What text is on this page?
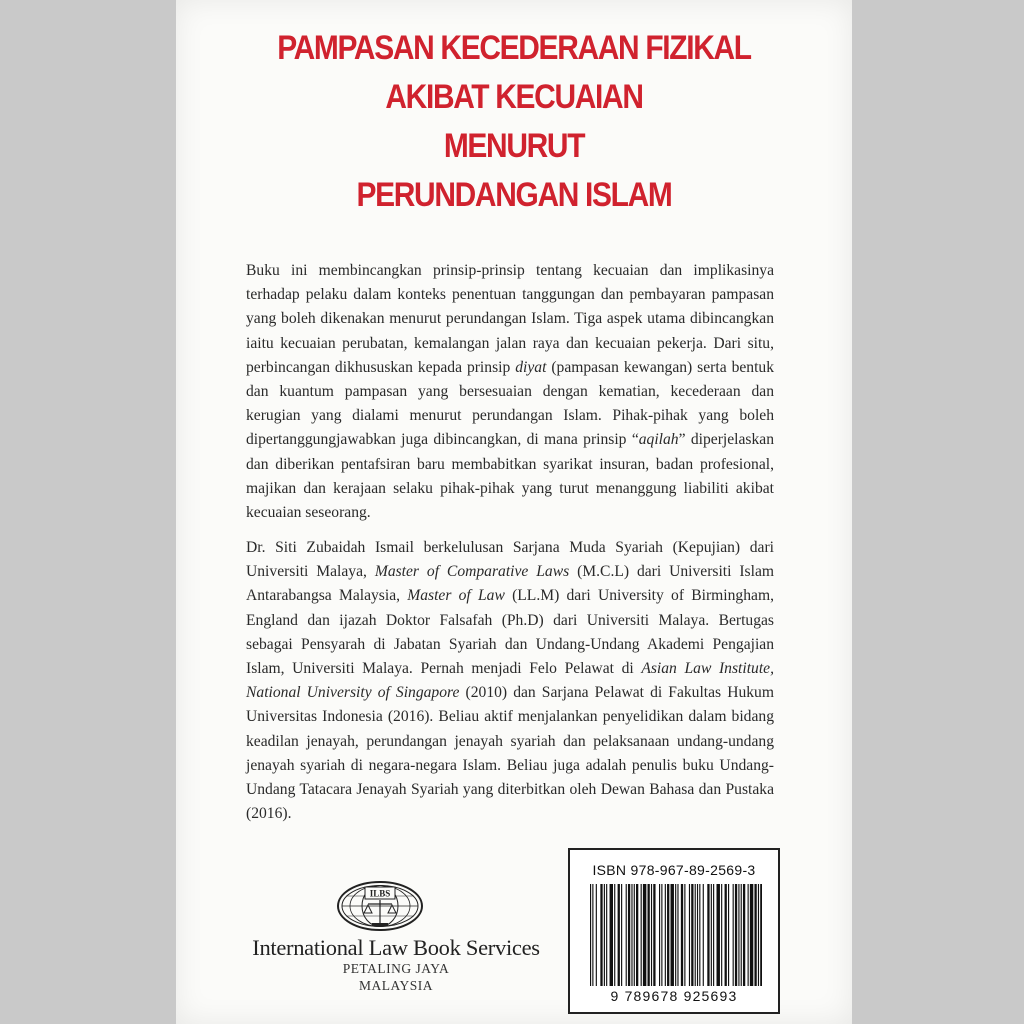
PAMPASAN KECEDERAAN FIZIKAL
AKIBAT KECUAIAN
MENURUT
PERUNDANGAN ISLAM

Buku ini membincangkan prinsip-prinsip tentang kecuaian dan implikasinya terhadap pelaku dalam konteks penentuan tanggungan dan pembayaran pampasan yang boleh dikenakan menurut perundangan Islam. Tiga aspek utama dibincangkan iaitu kecuaian perubatan, kemalangan jalan raya dan kecuaian pekerja. Dari situ, perbincangan dikhususkan kepada prinsip diyat (pampasan kewangan) serta bentuk dan kuantum pampasan yang bersesuaian dengan kematian, kecederaan dan kerugian yang dialami menurut perundangan Islam. Pihak-pihak yang boleh dipertanggungjawabkan juga dibincangkan, di mana prinsip “aqilah” diperjelaskan dan diberikan pentafsiran baru membabitkan syarikat insuran, badan profesional, majikan dan kerajaan selaku pihak-pihak yang turut menanggung liabiliti akibat kecuaian seseorang.

Dr. Siti Zubaidah Ismail berkelulusan Sarjana Muda Syariah (Kepujian) dari Universiti Malaya, Master of Comparative Laws (M.C.L) dari Universiti Islam Antarabangsa Malaysia, Master of Law (LL.M) dari University of Birmingham, England dan ijazah Doktor Falsafah (Ph.D) dari Universiti Malaya. Bertugas sebagai Pensyarah di Jabatan Syariah dan Undang-Undang Akademi Pengajian Islam, Universiti Malaya. Pernah menjadi Felo Pelawat di Asian Law Institute, National University of Singapore (2010) dan Sarjana Pelawat di Fakultas Hukum Universitas Indonesia (2016). Beliau aktif menjalankan penyelidikan dalam bidang keadilan jenayah, perundangan jenayah syariah dan pelaksanaan undang-undang jenayah syariah di negara-negara Islam. Beliau juga adalah penulis buku Undang-Undang Tatacara Jenayah Syariah yang diterbitkan oleh Dewan Bahasa dan Pustaka (2016).

ILBS
International Law Book Services
PETALING JAYA
MALAYSIA
ISBN 978-967-89-2569-3
9 789678 925693
